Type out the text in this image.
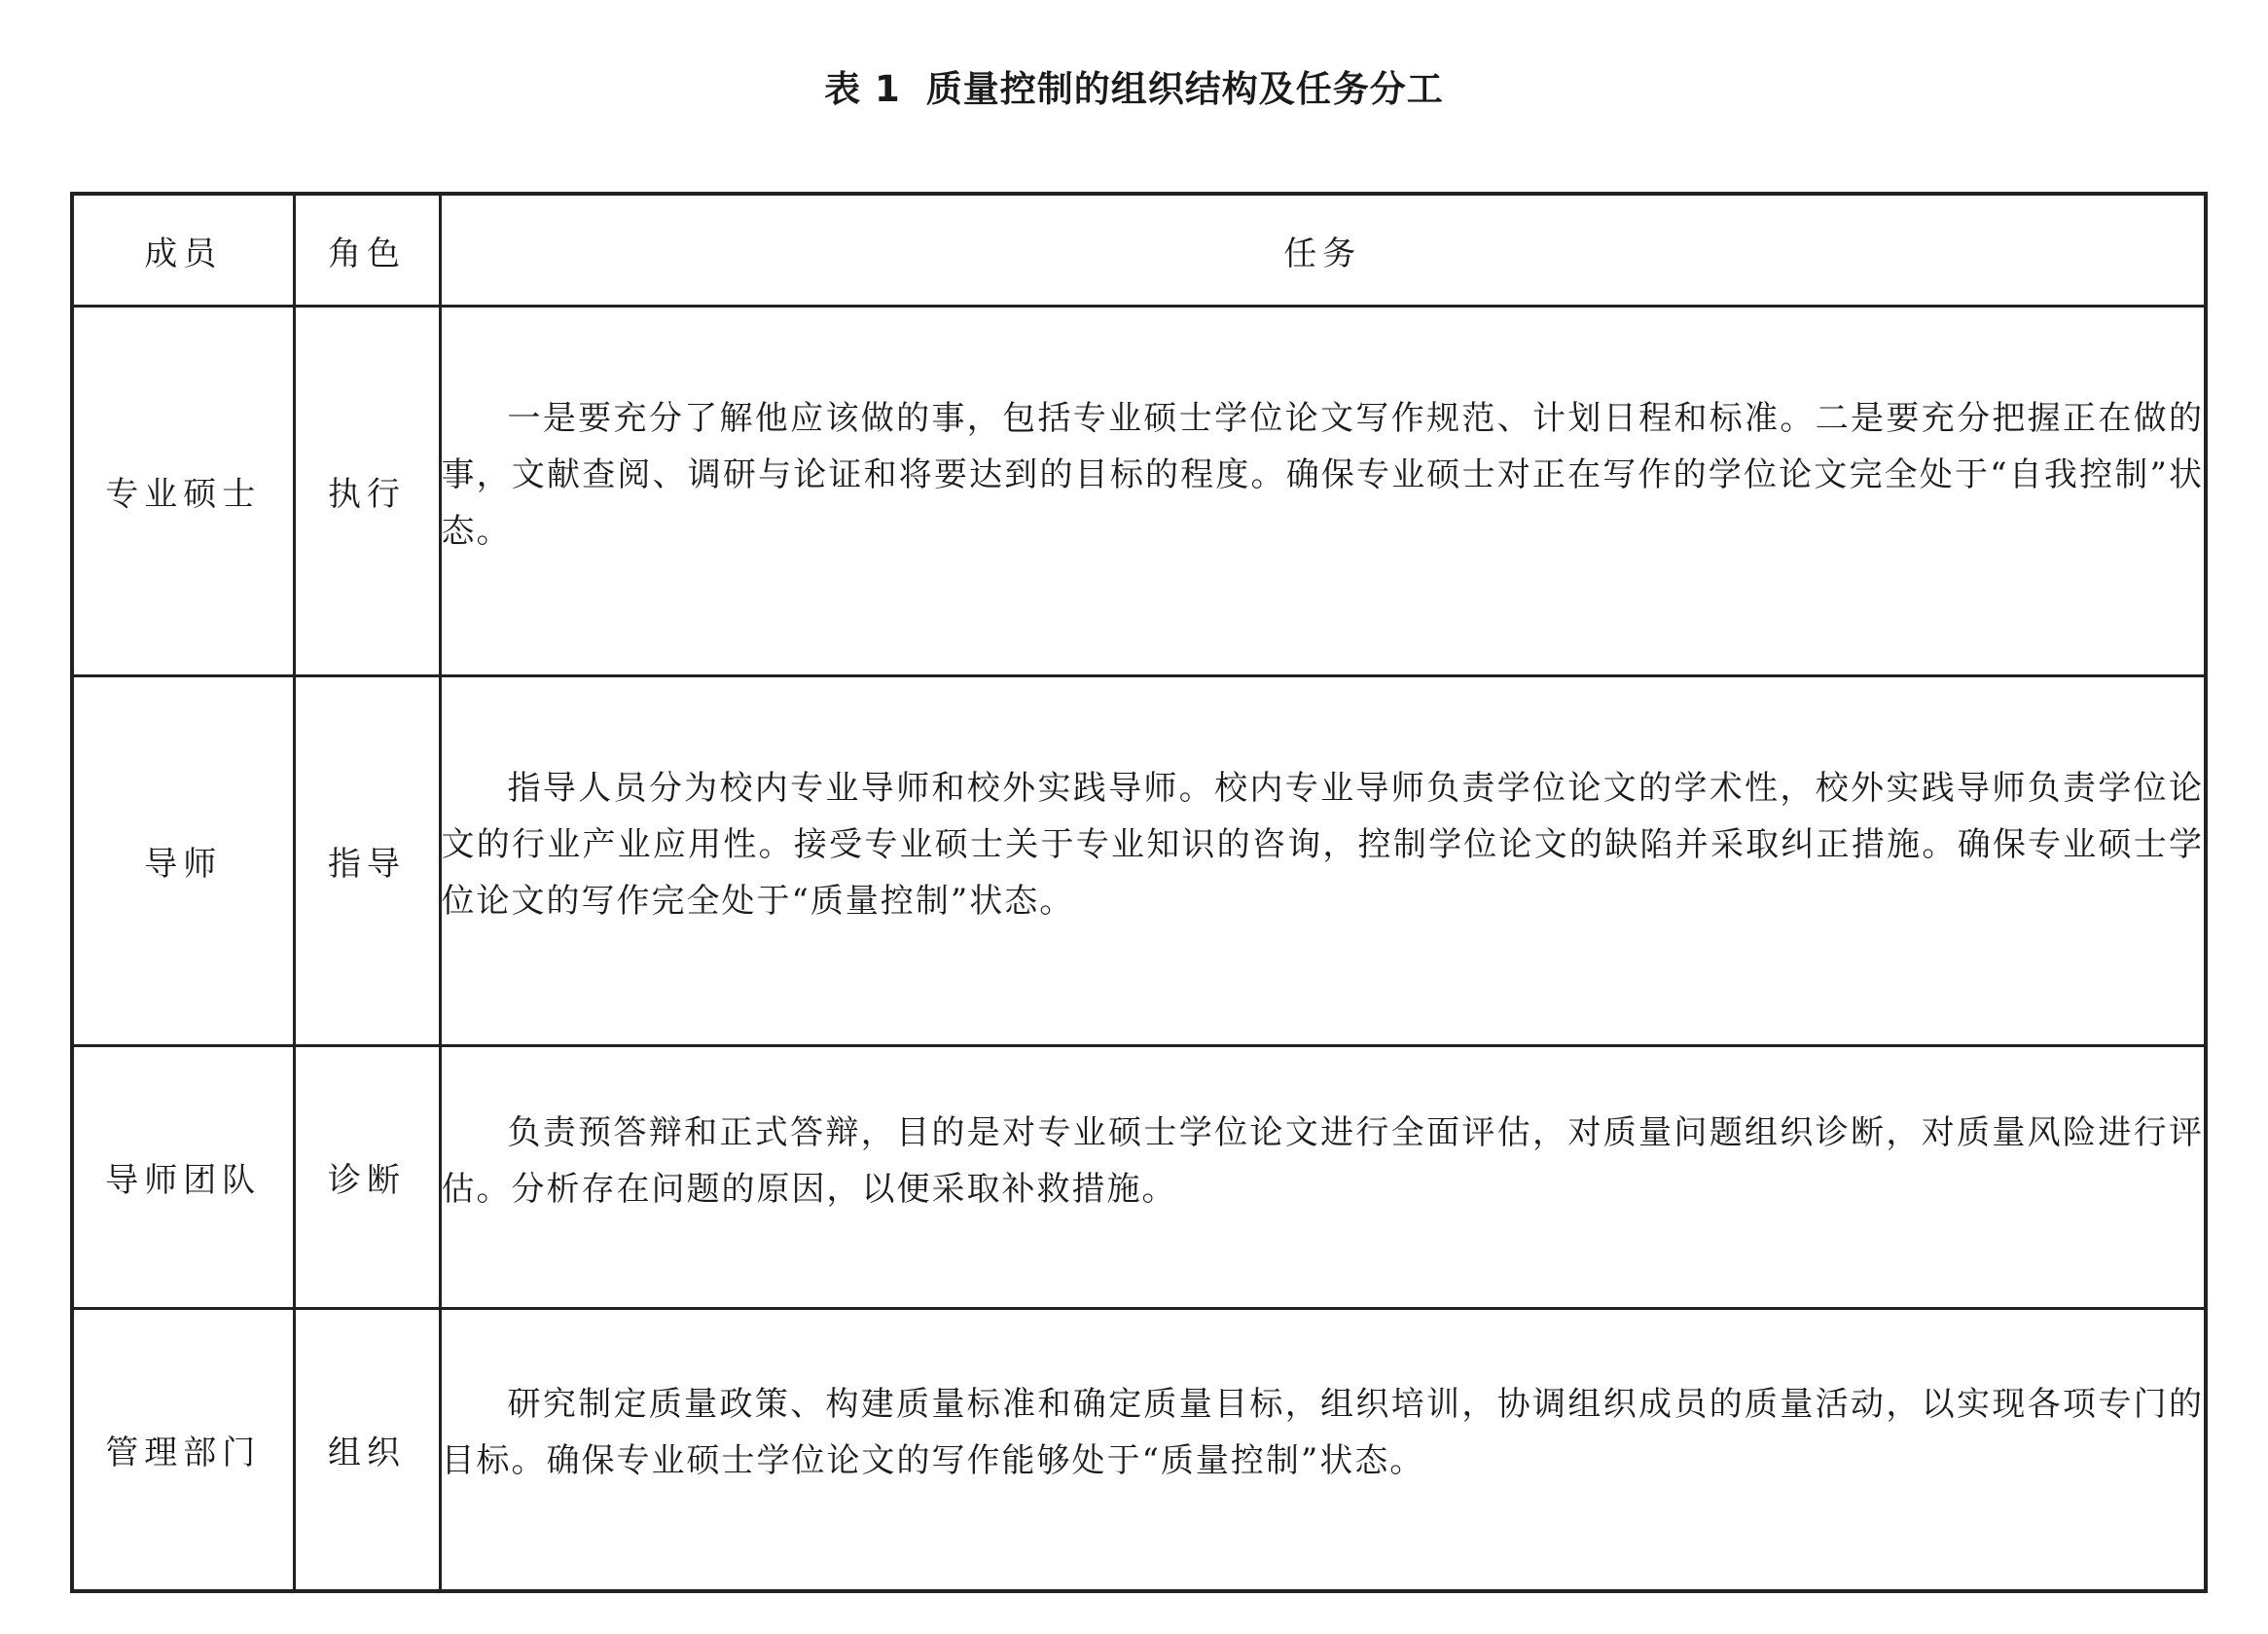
表 1 质量控制的组织结构及任务分工
成员	角色	任务
专业硕士	执行	一是要充分了解他应该做的事，包括专业硕士学位论文写作规范、计划日程和标准。二是要充分把握正在做的事，文献查阅、调研与论证和将要达到的目标的程度。确保专业硕士对正在写作的学位论文完全处于“自我控制”状态。

导师	指导	指导人员分为校内专业导师和校外实践导师。校内专业导师负责学位论文的学术性，校外实践导师负责学位论文的行业产业应用性。接受专业硕士关于专业知识的咨询，控制学位论文的缺陷并采取纠正措施。确保专业硕士学位论文的写作完全处于“质量控制”状态。

导师团队	诊断	负责预答辩和正式答辩，目的是对专业硕士学位论文进行全面评估，对质量问题组织诊断，对质量风险进行评估。分析存在问题的原因，以便采取补救措施。

管理部门	组织	研究制定质量政策、构建质量标准和确定质量目标，组织培训，协调组织成员的质量活动，以实现各项专门的目标。确保专业硕士学位论文的写作能够处于“质量控制”状态。
